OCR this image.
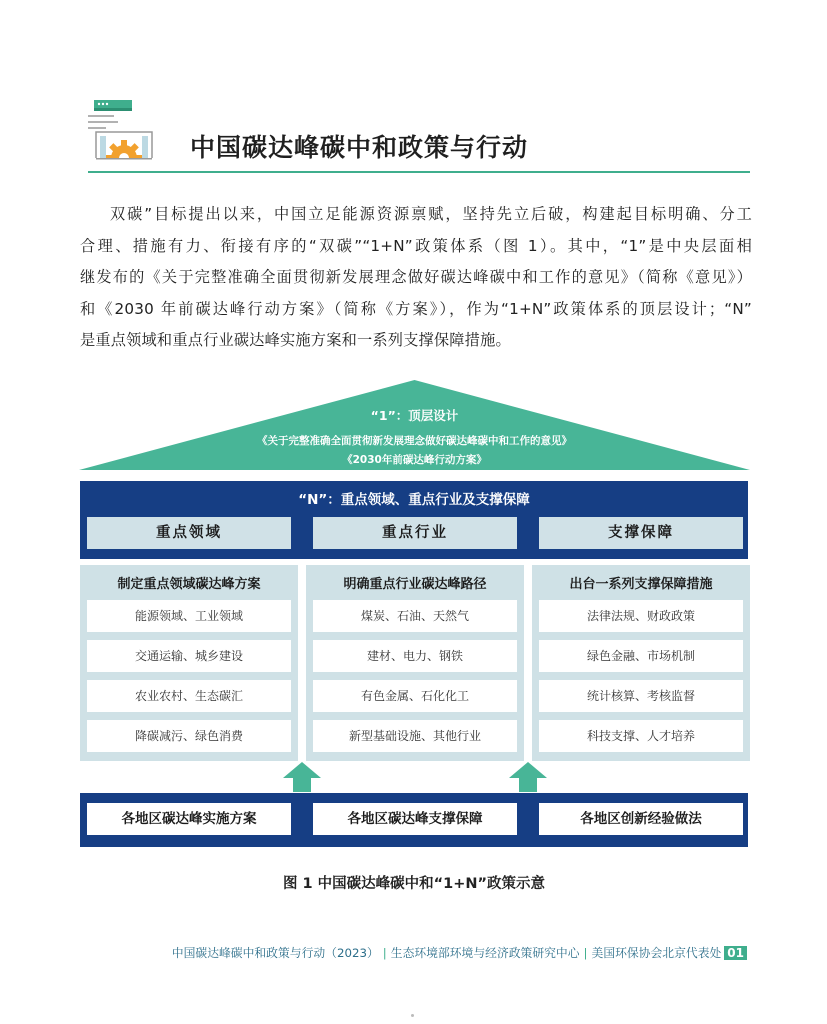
中国碳达峰碳中和政策与行动
双碳”目标提出以来，中国立足能源资源禀赋，坚持先立后破，构建起目标明确、分工
合理、措施有力、衔接有序的“双碳”“1+N”政策体系（图 1）。其中，“1”是中央层面相
继发布的《关于完整准确全面贯彻新发展理念做好碳达峰碳中和工作的意见》（简称《意见》）
和《2030 年前碳达峰行动方案》（简称《方案》），作为“1+N”政策体系的顶层设计；“N”
是重点领域和重点行业碳达峰实施方案和一系列支撑保障措施。
“1”：顶层设计
《关于完整准确全面贯彻新发展理念做好碳达峰碳中和工作的意见》
《2030年前碳达峰行动方案》
“N”：重点领域、重点行业及支撑保障
重点领域	重点行业	支撑保障
制定重点领域碳达峰方案	明确重点行业碳达峰路径	出台一系列支撑保障措施
能源领域、工业领域
交通运输、城乡建设
农业农村、生态碳汇
降碳减污、绿色消费
煤炭、石油、天然气
建材、电力、钢铁
有色金属、石化化工
新型基础设施、其他行业
法律法规、财政政策
绿色金融、市场机制
统计核算、考核监督
科技支撑、人才培养
各地区碳达峰实施方案	各地区碳达峰支撑保障	各地区创新经验做法
图 1 中国碳达峰碳中和“1+N”政策示意
中国碳达峰碳中和政策与行动（2023） | 生态环境部环境与经济政策研究中心 | 美国环保协会北京代表处 01
